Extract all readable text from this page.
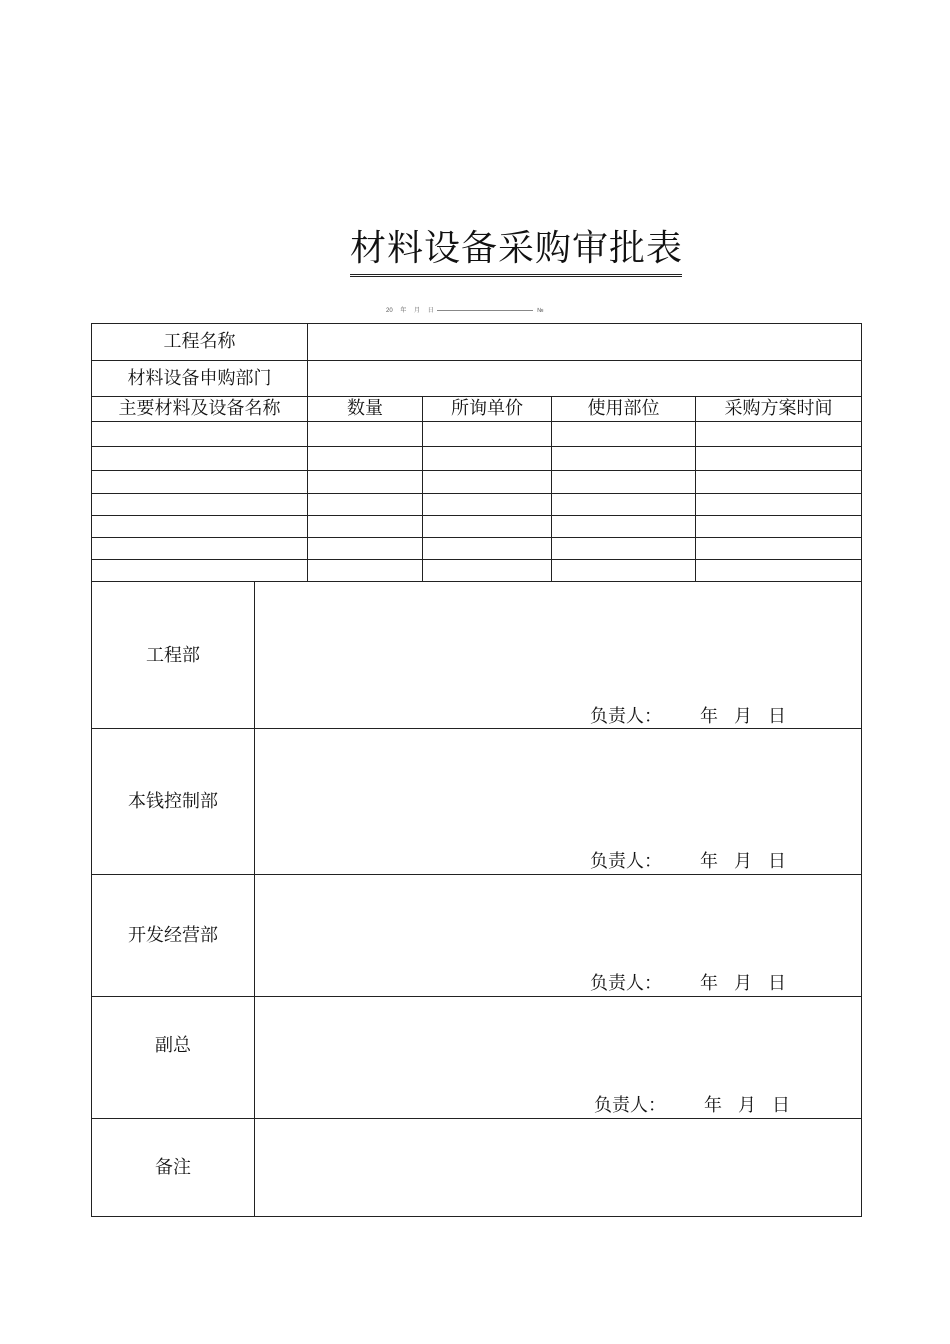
材料设备采购审批表
20 年 月 日	№
工程名称
材料设备申购部门
主要材料及设备名称	数量	所询单价	使用部位	采购方案时间
工程部
负责人： 年 月 日
本钱控制部
负责人： 年 月 日
开发经营部
负责人： 年 月 日
副总
负责人： 年 月 日
备注
